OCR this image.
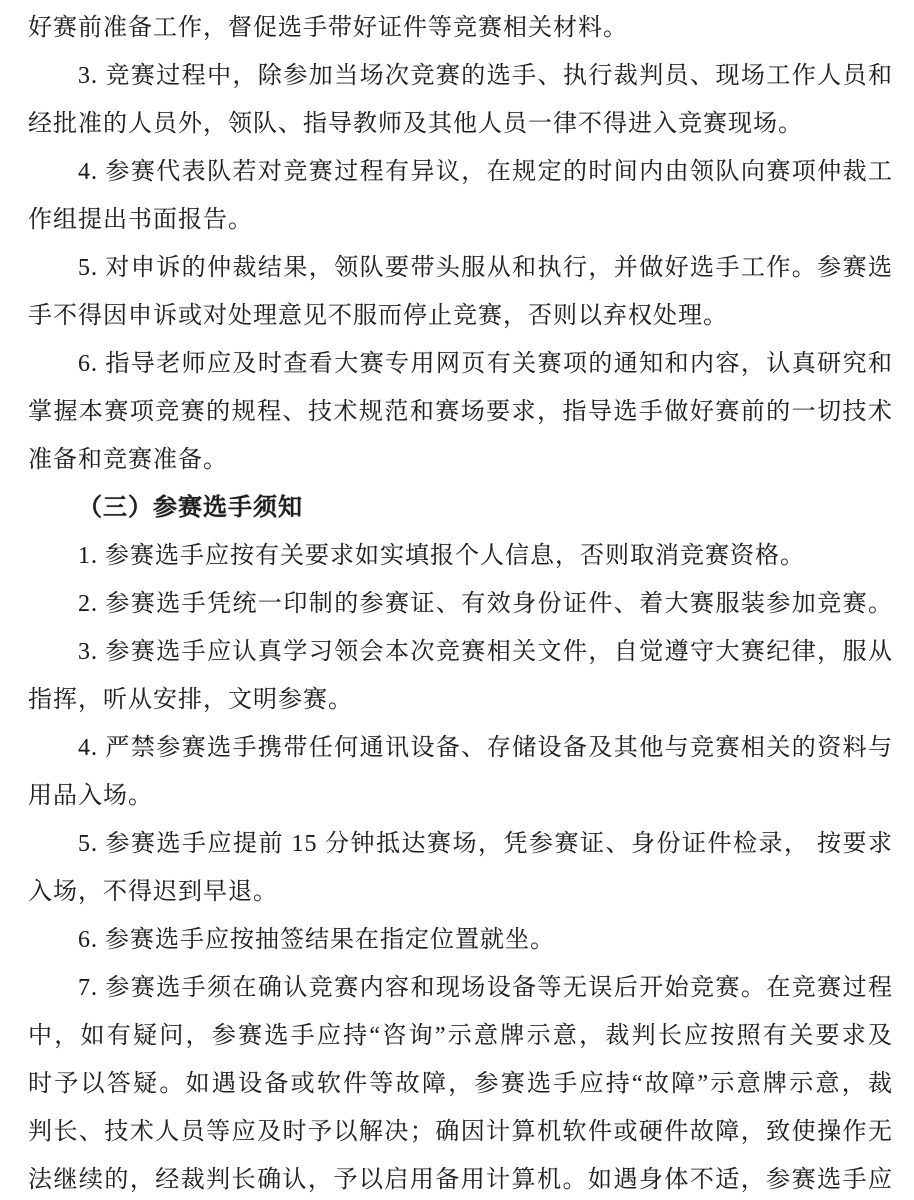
好赛前准备工作，督促选手带好证件等竞赛相关材料。
3. 竞赛过程中，除参加当场次竞赛的选手、执行裁判员、现场工作人员和
经批准的人员外，领队、指导教师及其他人员一律不得进入竞赛现场。
4. 参赛代表队若对竞赛过程有异议，在规定的时间内由领队向赛项仲裁工
作组提出书面报告。
5. 对申诉的仲裁结果，领队要带头服从和执行，并做好选手工作。参赛选
手不得因申诉或对处理意见不服而停止竞赛，否则以弃权处理。
6. 指导老师应及时查看大赛专用网页有关赛项的通知和内容，认真研究和
掌握本赛项竞赛的规程、技术规范和赛场要求，指导选手做好赛前的一切技术
准备和竞赛准备。
（三）参赛选手须知
1. 参赛选手应按有关要求如实填报个人信息，否则取消竞赛资格。
2. 参赛选手凭统一印制的参赛证、有效身份证件、着大赛服装参加竞赛。
3. 参赛选手应认真学习领会本次竞赛相关文件，自觉遵守大赛纪律，服从
指挥，听从安排，文明参赛。
4. 严禁参赛选手携带任何通讯设备、存储设备及其他与竞赛相关的资料与
用品入场。
5. 参赛选手应提前 15 分钟抵达赛场，凭参赛证、身份证件检录， 按要求
入场，不得迟到早退。
6. 参赛选手应按抽签结果在指定位置就坐。
7. 参赛选手须在确认竞赛内容和现场设备等无误后开始竞赛。在竞赛过程
中，如有疑问，参赛选手应持“咨询”示意牌示意，裁判长应按照有关要求及
时予以答疑。如遇设备或软件等故障，参赛选手应持“故障”示意牌示意，裁
判长、技术人员等应及时予以解决；确因计算机软件或硬件故障，致使操作无
法继续的，经裁判长确认，予以启用备用计算机。如遇身体不适，参赛选手应
